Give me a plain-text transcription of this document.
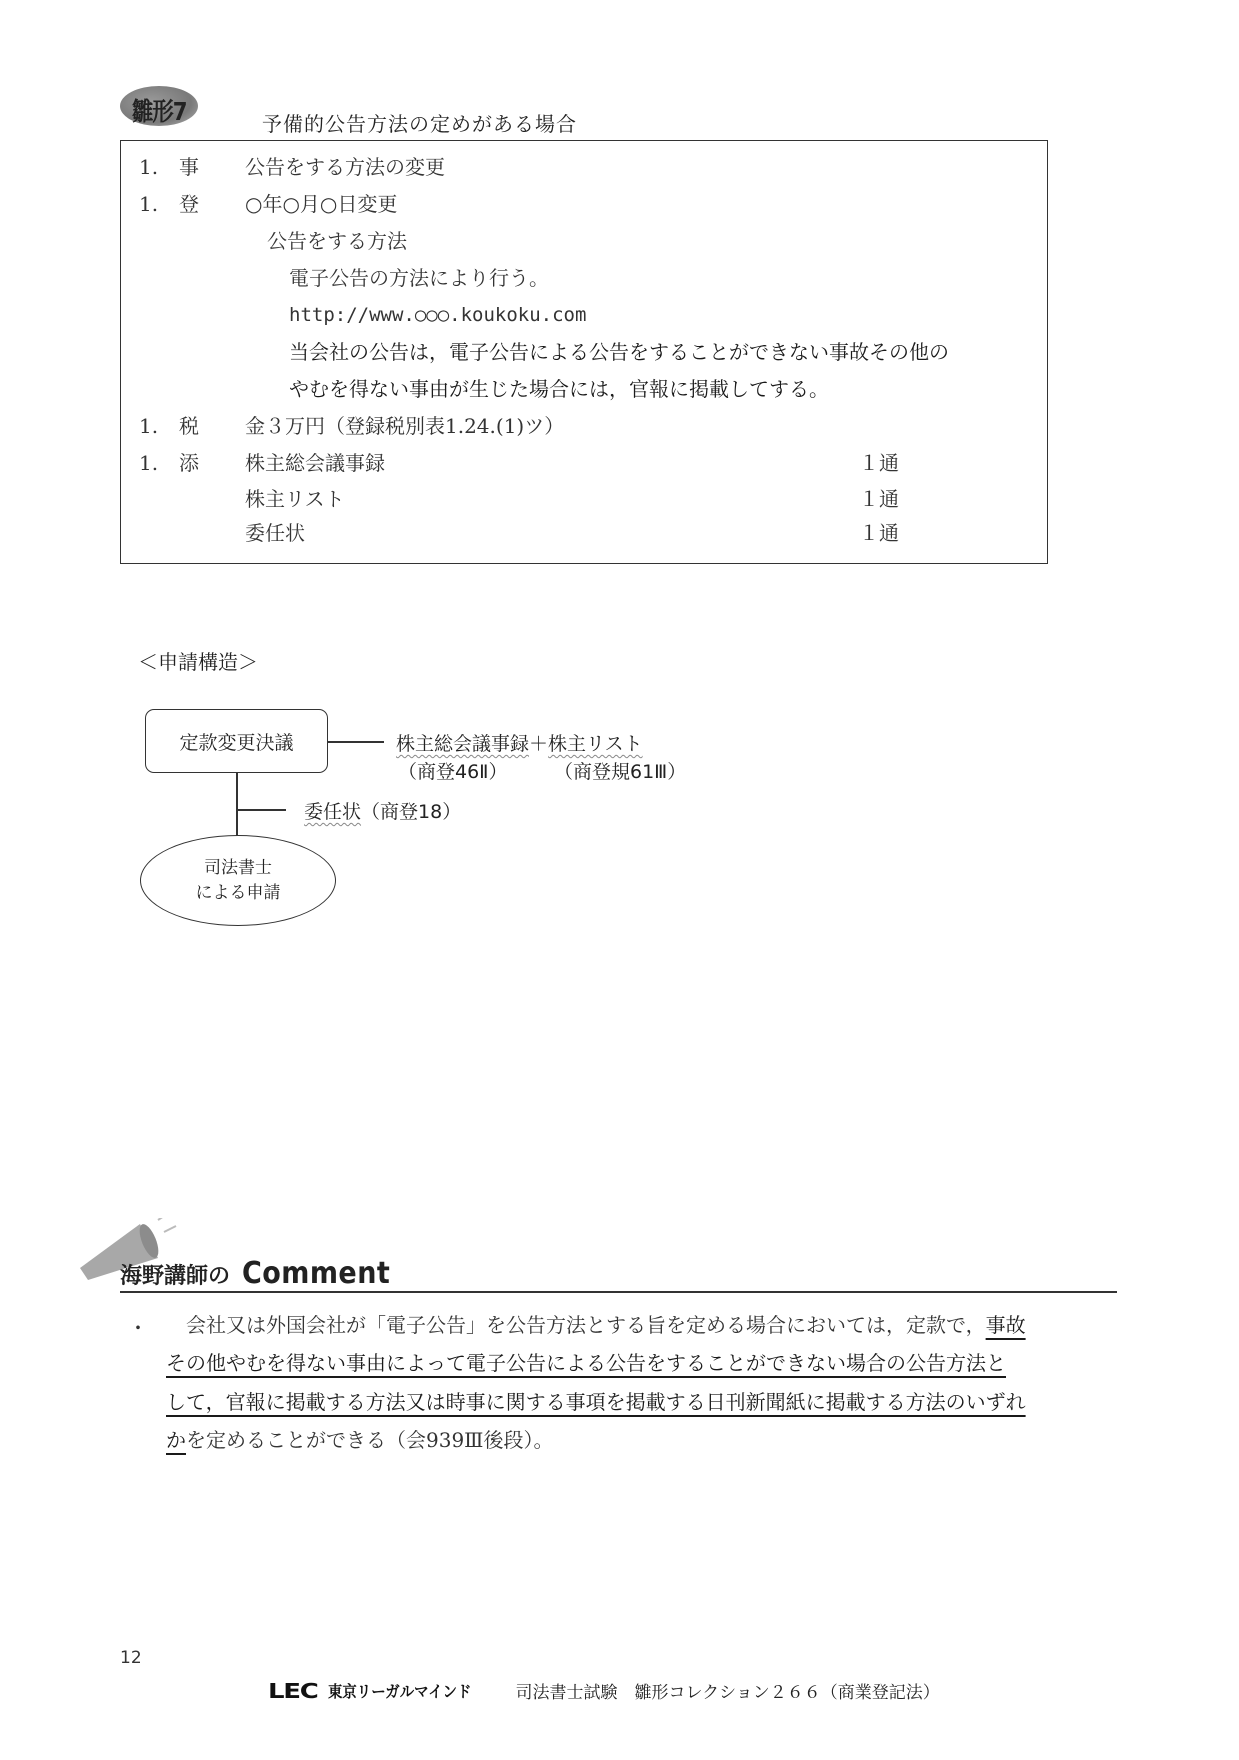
雛形7	予備的公告方法の定めがある場合
1. 事 公告をする方法の変更
1. 登 ○年○月○日変更
公告をする方法
電子公告の方法により行う。
http://www.○○○.koukoku.com
当会社の公告は，電子公告による公告をすることができない事故その他の
やむを得ない事由が生じた場合には，官報に掲載してする。
1. 税 金３万円（登録税別表1.24.(1)ツ）
1. 添 株主総会議事録	１通
株主リスト	１通
委任状	１通
＜申請構造＞
定款変更決議	株主総会議事録＋株主リスト
（商登46Ⅱ） （商登規61Ⅲ）
委任状（商登18）
司法書士
による申請
海野講師の Comment
・ 　会社又は外国会社が「電子公告」を公告方法とする旨を定める場合においては，定款で，事故
その他やむを得ない事由によって電子公告による公告をすることができない場合の公告方法と
して，官報に掲載する方法又は時事に関する事項を掲載する日刊新聞紙に掲載する方法のいずれ
かを定めることができる（会939Ⅲ後段）。
12
LEC 東京リーガルマインド	司法書士試験　雛形コレクション２６６（商業登記法）
